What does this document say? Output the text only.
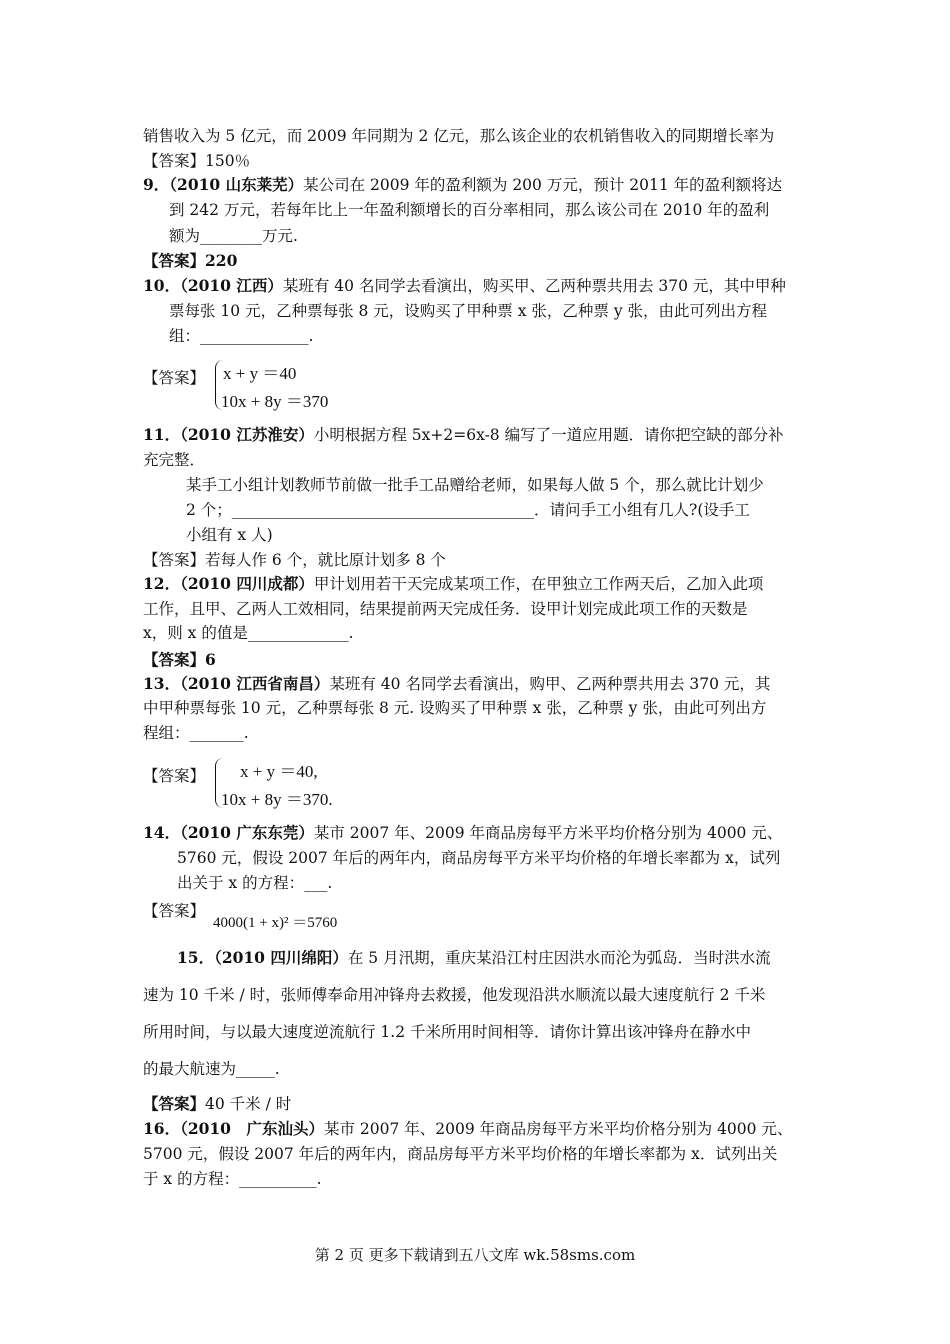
销售收入为 5 亿元，而 2009 年同期为 2 亿元，那么该企业的农机销售收入的同期增长率为
【答案】150％
9．（2010 山东莱芜）某公司在 2009 年的盈利额为 200 万元，预计 2011 年的盈利额将达
到 242 万元，若每年比上一年盈利额增长的百分率相同，那么该公司在 2010 年的盈利
额为________万元.
【答案】220
10．（2010 江西）某班有 40 名同学去看演出，购买甲、乙两种票共用去 370 元，其中甲种
票每张 10 元，乙种票每张 8 元，设购买了甲种票 x 张，乙种票 y 张，由此可列出方程
组：______________.
【答案】 x + y ＝40
10x + 8y ＝370
11．（2010 江苏淮安）小明根据方程 5x+2=6x-8 编写了一道应用题．请你把空缺的部分补
充完整．
某手工小组计划教师节前做一批手工品赠给老师，如果每人做 5 个，那么就比计划少
2 个；_______________________________________．请问手工小组有几人?(设手工
小组有 x 人)
【答案】若每人作 6 个，就比原计划多 8 个
12．（2010 四川成都）甲计划用若干天完成某项工作，在甲独立工作两天后，乙加入此项
工作，且甲、乙两人工效相同，结果提前两天完成任务．设甲计划完成此项工作的天数是
x，则 x 的值是_____________.
【答案】6
13．（2010 江西省南昌）某班有 40 名同学去看演出，购甲、乙两种票共用去 370 元，其
中甲种票每张 10 元，乙种票每张 8 元. 设购买了甲种票 x 张，乙种票 y 张，由此可列出方
程组：_______.
【答案】 x + y ＝40,
10x + 8y ＝370.
14．（2010 广东东莞）某市 2007 年、2009 年商品房每平方米平均价格分别为 4000 元、
5760 元，假设 2007 年后的两年内，商品房每平方米平均价格的年增长率都为 x，试列
出关于 x 的方程：___.
【答案】
4000(1 + x)² ＝5760
15．（2010 四川绵阳）在 5 月汛期，重庆某沿江村庄因洪水而沦为弧岛．当时洪水流
速为 10 千米 / 时，张师傅奉命用冲锋舟去救援，他发现沿洪水顺流以最大速度航行 2 千米
所用时间，与以最大速度逆流航行 1.2 千米所用时间相等．请你计算出该冲锋舟在静水中
的最大航速为_____.
【答案】40 千米 / 时
16．（2010　广东汕头）某市 2007 年、2009 年商品房每平方米平均价格分别为 4000 元、
5700 元，假设 2007 年后的两年内，商品房每平方米平均价格的年增长率都为 x．试列出关
于 x 的方程：__________.
第 2 页 更多下载请到五八文库 wk.58sms.com
